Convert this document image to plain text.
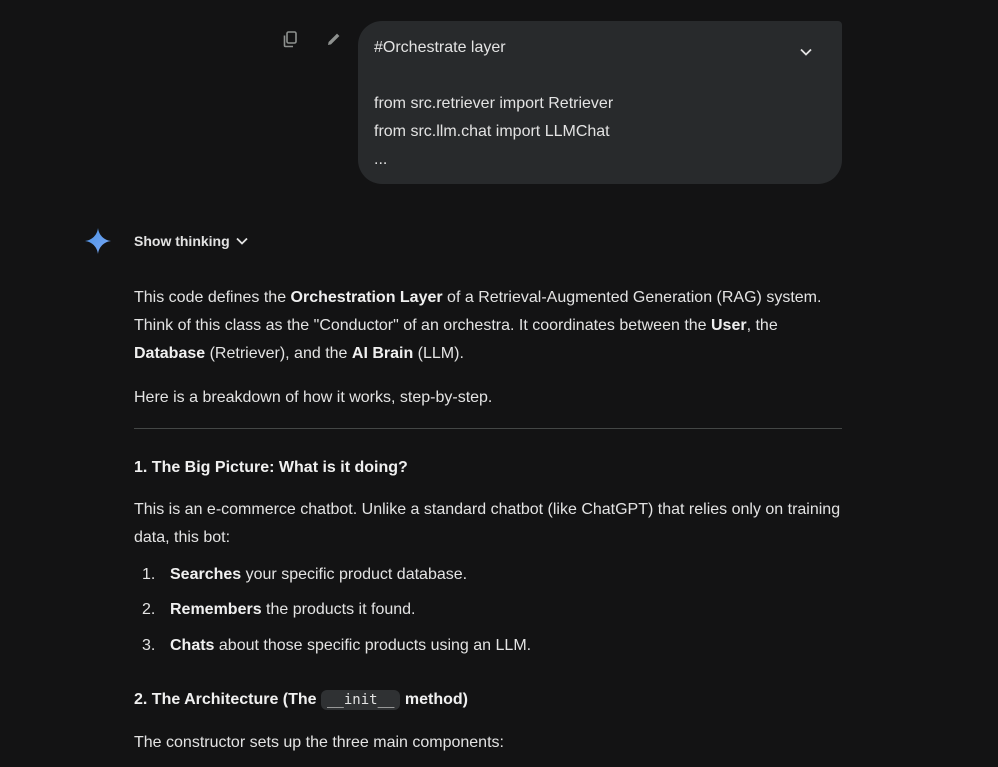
#Orchestrate layer
from src.retriever import Retriever
from src.llm.chat import LLMChat
...
Show thinking
This code defines the Orchestration Layer of a Retrieval-Augmented Generation (RAG) system. Think of this class as the "Conductor" of an orchestra. It coordinates between the User, the Database (Retriever), and the AI Brain (LLM).
Here is a breakdown of how it works, step-by-step.
1. The Big Picture: What is it doing?
This is an e-commerce chatbot. Unlike a standard chatbot (like ChatGPT) that relies only on training data, this bot:
1. Searches your specific product database.
2. Remembers the products it found.
3. Chats about those specific products using an LLM.
2. The Architecture (The __init__ method)
The constructor sets up the three main components:
